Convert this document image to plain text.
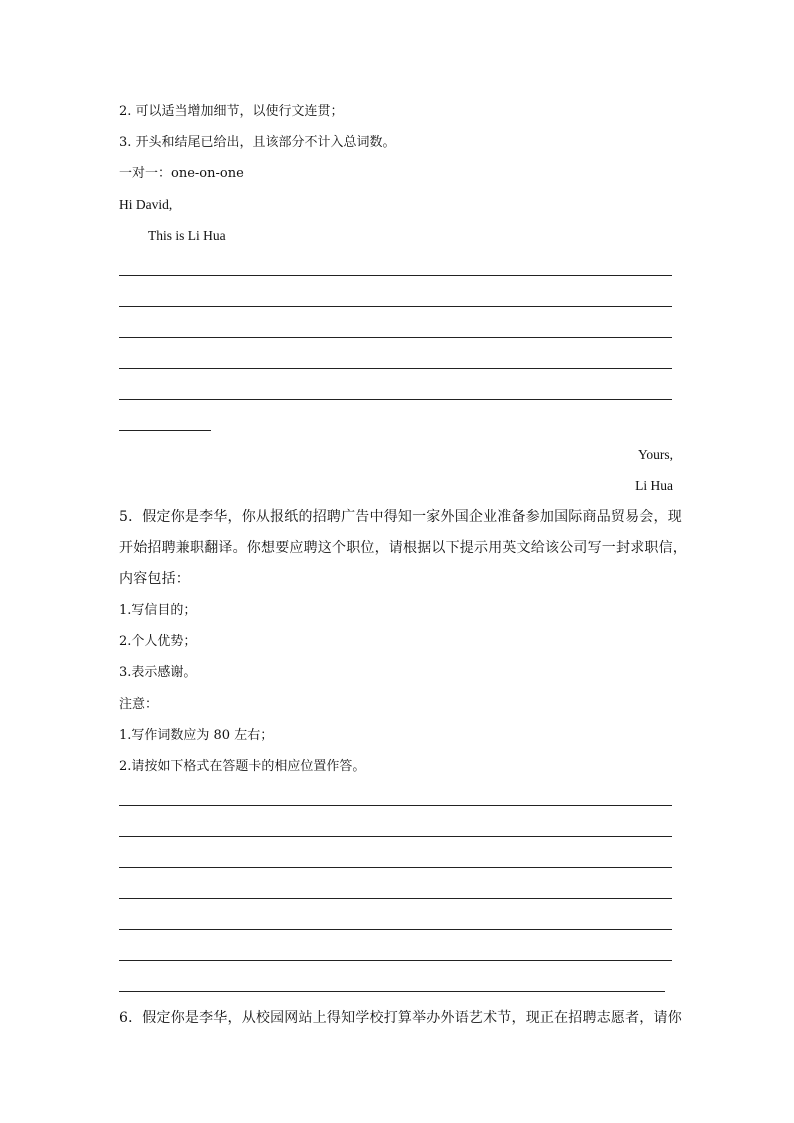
2. 可以适当增加细节，以使行文连贯；
3. 开头和结尾已给出，且该部分不计入总词数。
一对一：one-on-one
Hi David,
This is Li Hua
Yours,
Li Hua
5．假定你是李华，你从报纸的招聘广告中得知一家外国企业准备参加国际商品贸易会，现
开始招聘兼职翻译。你想要应聘这个职位，请根据以下提示用英文给该公司写一封求职信，
内容包括：
1.写信目的；
2.个人优势；
3.表示感谢。
注意：
1.写作词数应为 80 左右；
2.请按如下格式在答题卡的相应位置作答。
6．假定你是李华，从校园网站上得知学校打算举办外语艺术节，现正在招聘志愿者，请你
